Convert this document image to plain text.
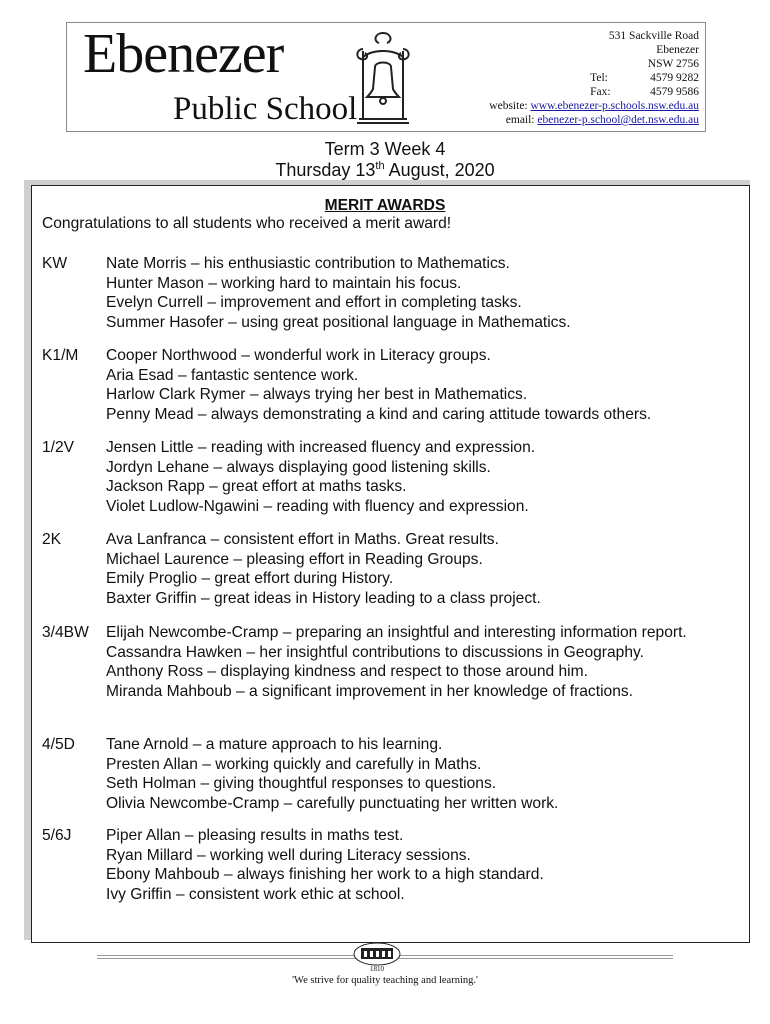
Ebenezer
Public School
531 Sackville Road
Ebenezer
NSW 2756
Tel:	4579 9282
Fax:	4579 9586
website: www.ebenezer-p.schools.nsw.edu.au
email: ebenezer-p.school@det.nsw.edu.au
Term 3 Week 4
Thursday 13th August, 2020
MERIT AWARDS
Congratulations to all students who received a merit award!
KW Nate Morris – his enthusiastic contribution to Mathematics.
Hunter Mason – working hard to maintain his focus.
Evelyn Currell – improvement and effort in completing tasks.
Summer Hasofer – using great positional language in Mathematics.
K1/M Cooper Northwood – wonderful work in Literacy groups.
Aria Esad – fantastic sentence work.
Harlow Clark Rymer – always trying her best in Mathematics.
Penny Mead – always demonstrating a kind and caring attitude towards others.
1/2V Jensen Little – reading with increased fluency and expression.
Jordyn Lehane – always displaying good listening skills.
Jackson Rapp – great effort at maths tasks.
Violet Ludlow-Ngawini – reading with fluency and expression.
2K	Ava Lanfranca – consistent effort in Maths. Great results.
Michael Laurence – pleasing effort in Reading Groups.
Emily Proglio – great effort during History.
Baxter Griffin – great ideas in History leading to a class project.
3/4BW Elijah Newcombe-Cramp – preparing an insightful and interesting information report.
Cassandra Hawken – her insightful contributions to discussions in Geography.
Anthony Ross – displaying kindness and respect to those around him.
Miranda Mahboub – a significant improvement in her knowledge of fractions.
4/5D Tane Arnold – a mature approach to his learning.
Presten Allan – working quickly and carefully in Maths.
Seth Holman – giving thoughtful responses to questions.
Olivia Newcombe-Cramp – carefully punctuating her written work.
5/6J Piper Allan – pleasing results in maths test.
Ryan Millard – working well during Literacy sessions.
Ebony Mahboub – always finishing her work to a high standard.
Ivy Griffin – consistent work ethic at school.
1810
'We strive for quality teaching and learning.'
